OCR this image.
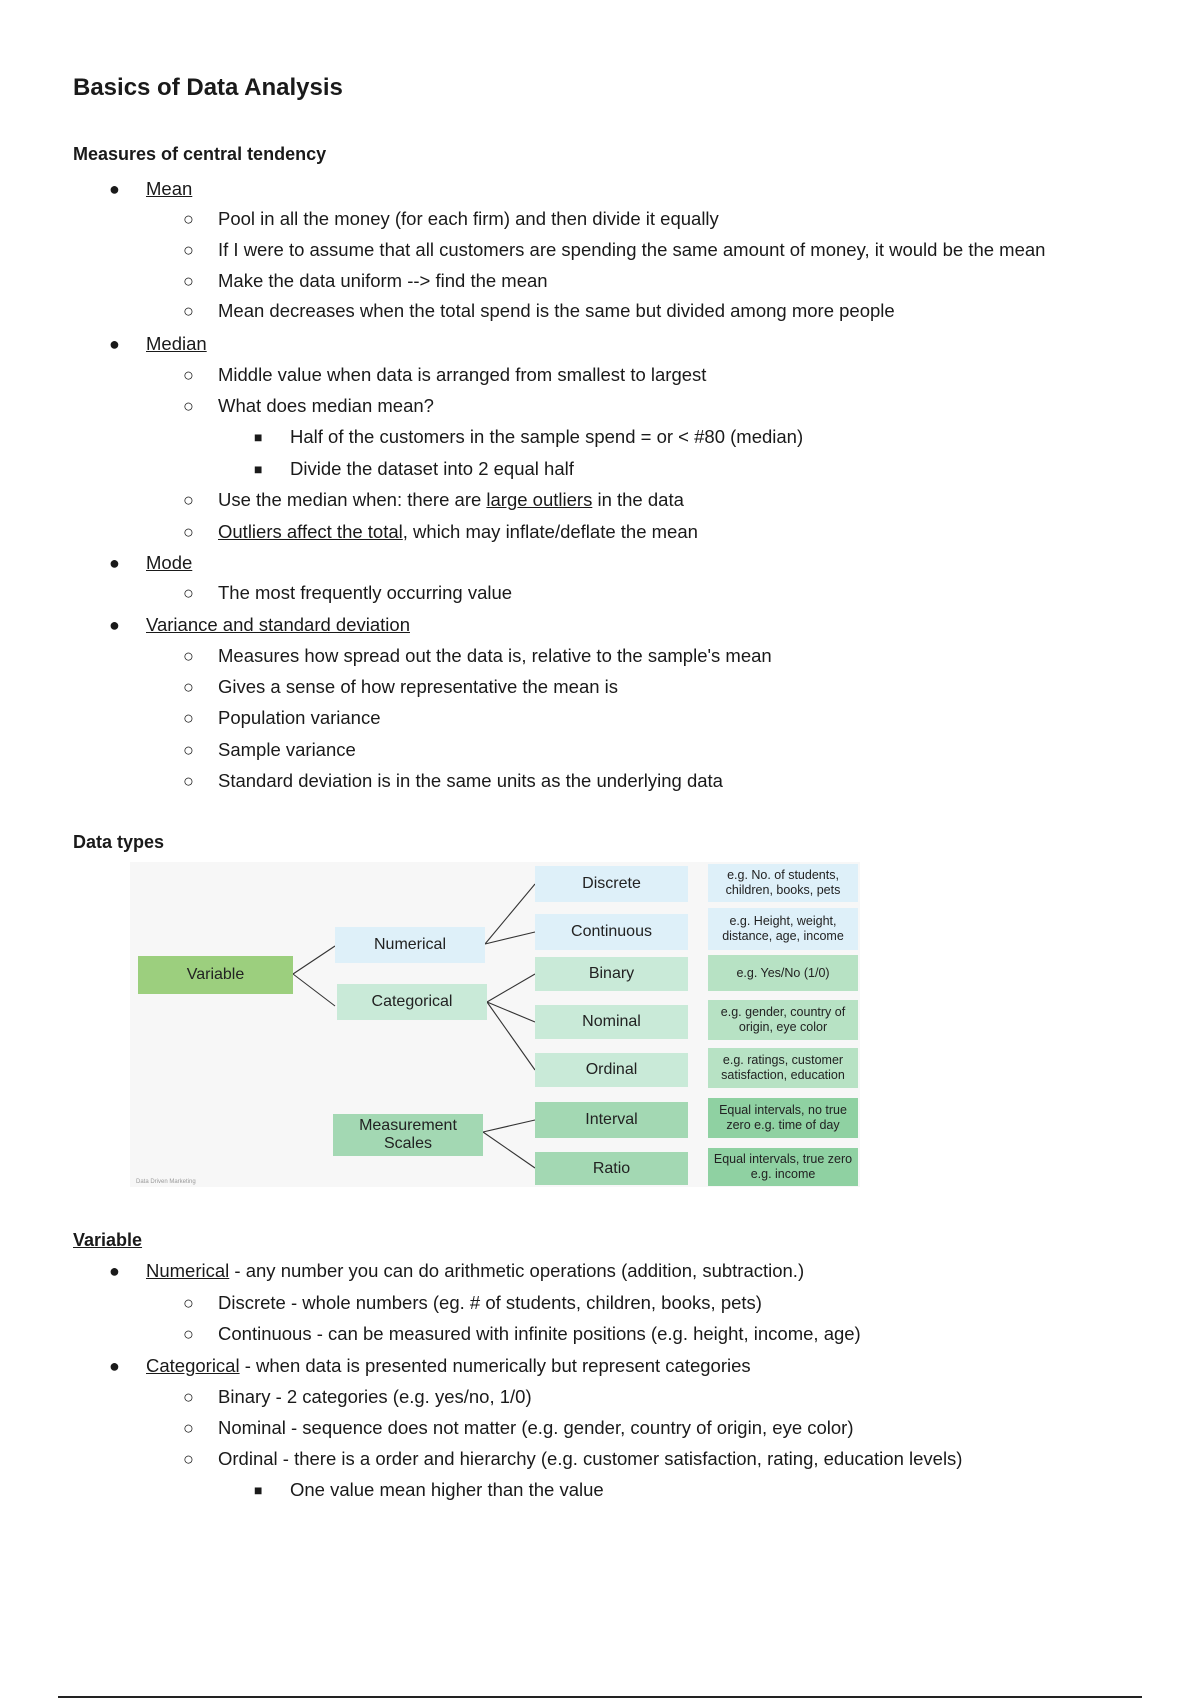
Basics of Data Analysis
Measures of central tendency
● Mean
○ Pool in all the money (for each firm) and then divide it equally
○ If I were to assume that all customers are spending the same amount of money, it would be the mean
○ Make the data uniform --> find the mean
○ Mean decreases when the total spend is the same but divided among more people
● Median
○ Middle value when data is arranged from smallest to largest
○ What does median mean?
■ Half of the customers in the sample spend = or < #80 (median)
■ Divide the dataset into 2 equal half
○ Use the median when: there are large outliers in the data
○ Outliers affect the total, which may inflate/deflate the mean
● Mode
○ The most frequently occurring value
● Variance and standard deviation
○ Measures how spread out the data is, relative to the sample's mean
○ Gives a sense of how representative the mean is
○ Population variance
○ Sample variance
○ Standard deviation is in the same units as the underlying data
Data types
Variable
Numerical
Categorical
Measurement Scales
Discrete
Continuous
Binary
Nominal
Ordinal
Interval
Ratio
e.g. No. of students, children, books, pets
e.g. Height, weight, distance, age, income
e.g. Yes/No (1/0)
e.g. gender, country of origin, eye color
e.g. ratings, customer satisfaction, education
Equal intervals, no true zero e.g. time of day
Equal intervals, true zero e.g. income
Data Driven Marketing
Variable
● Numerical - any number you can do arithmetic operations (addition, subtraction.)
○ Discrete - whole numbers (eg. # of students, children, books, pets)
○ Continuous - can be measured with infinite positions (e.g. height, income, age)
● Categorical - when data is presented numerically but represent categories
○ Binary - 2 categories (e.g. yes/no, 1/0)
○ Nominal - sequence does not matter (e.g. gender, country of origin, eye color)
○ Ordinal - there is a order and hierarchy (e.g. customer satisfaction, rating, education levels)
■ One value mean higher than the value
